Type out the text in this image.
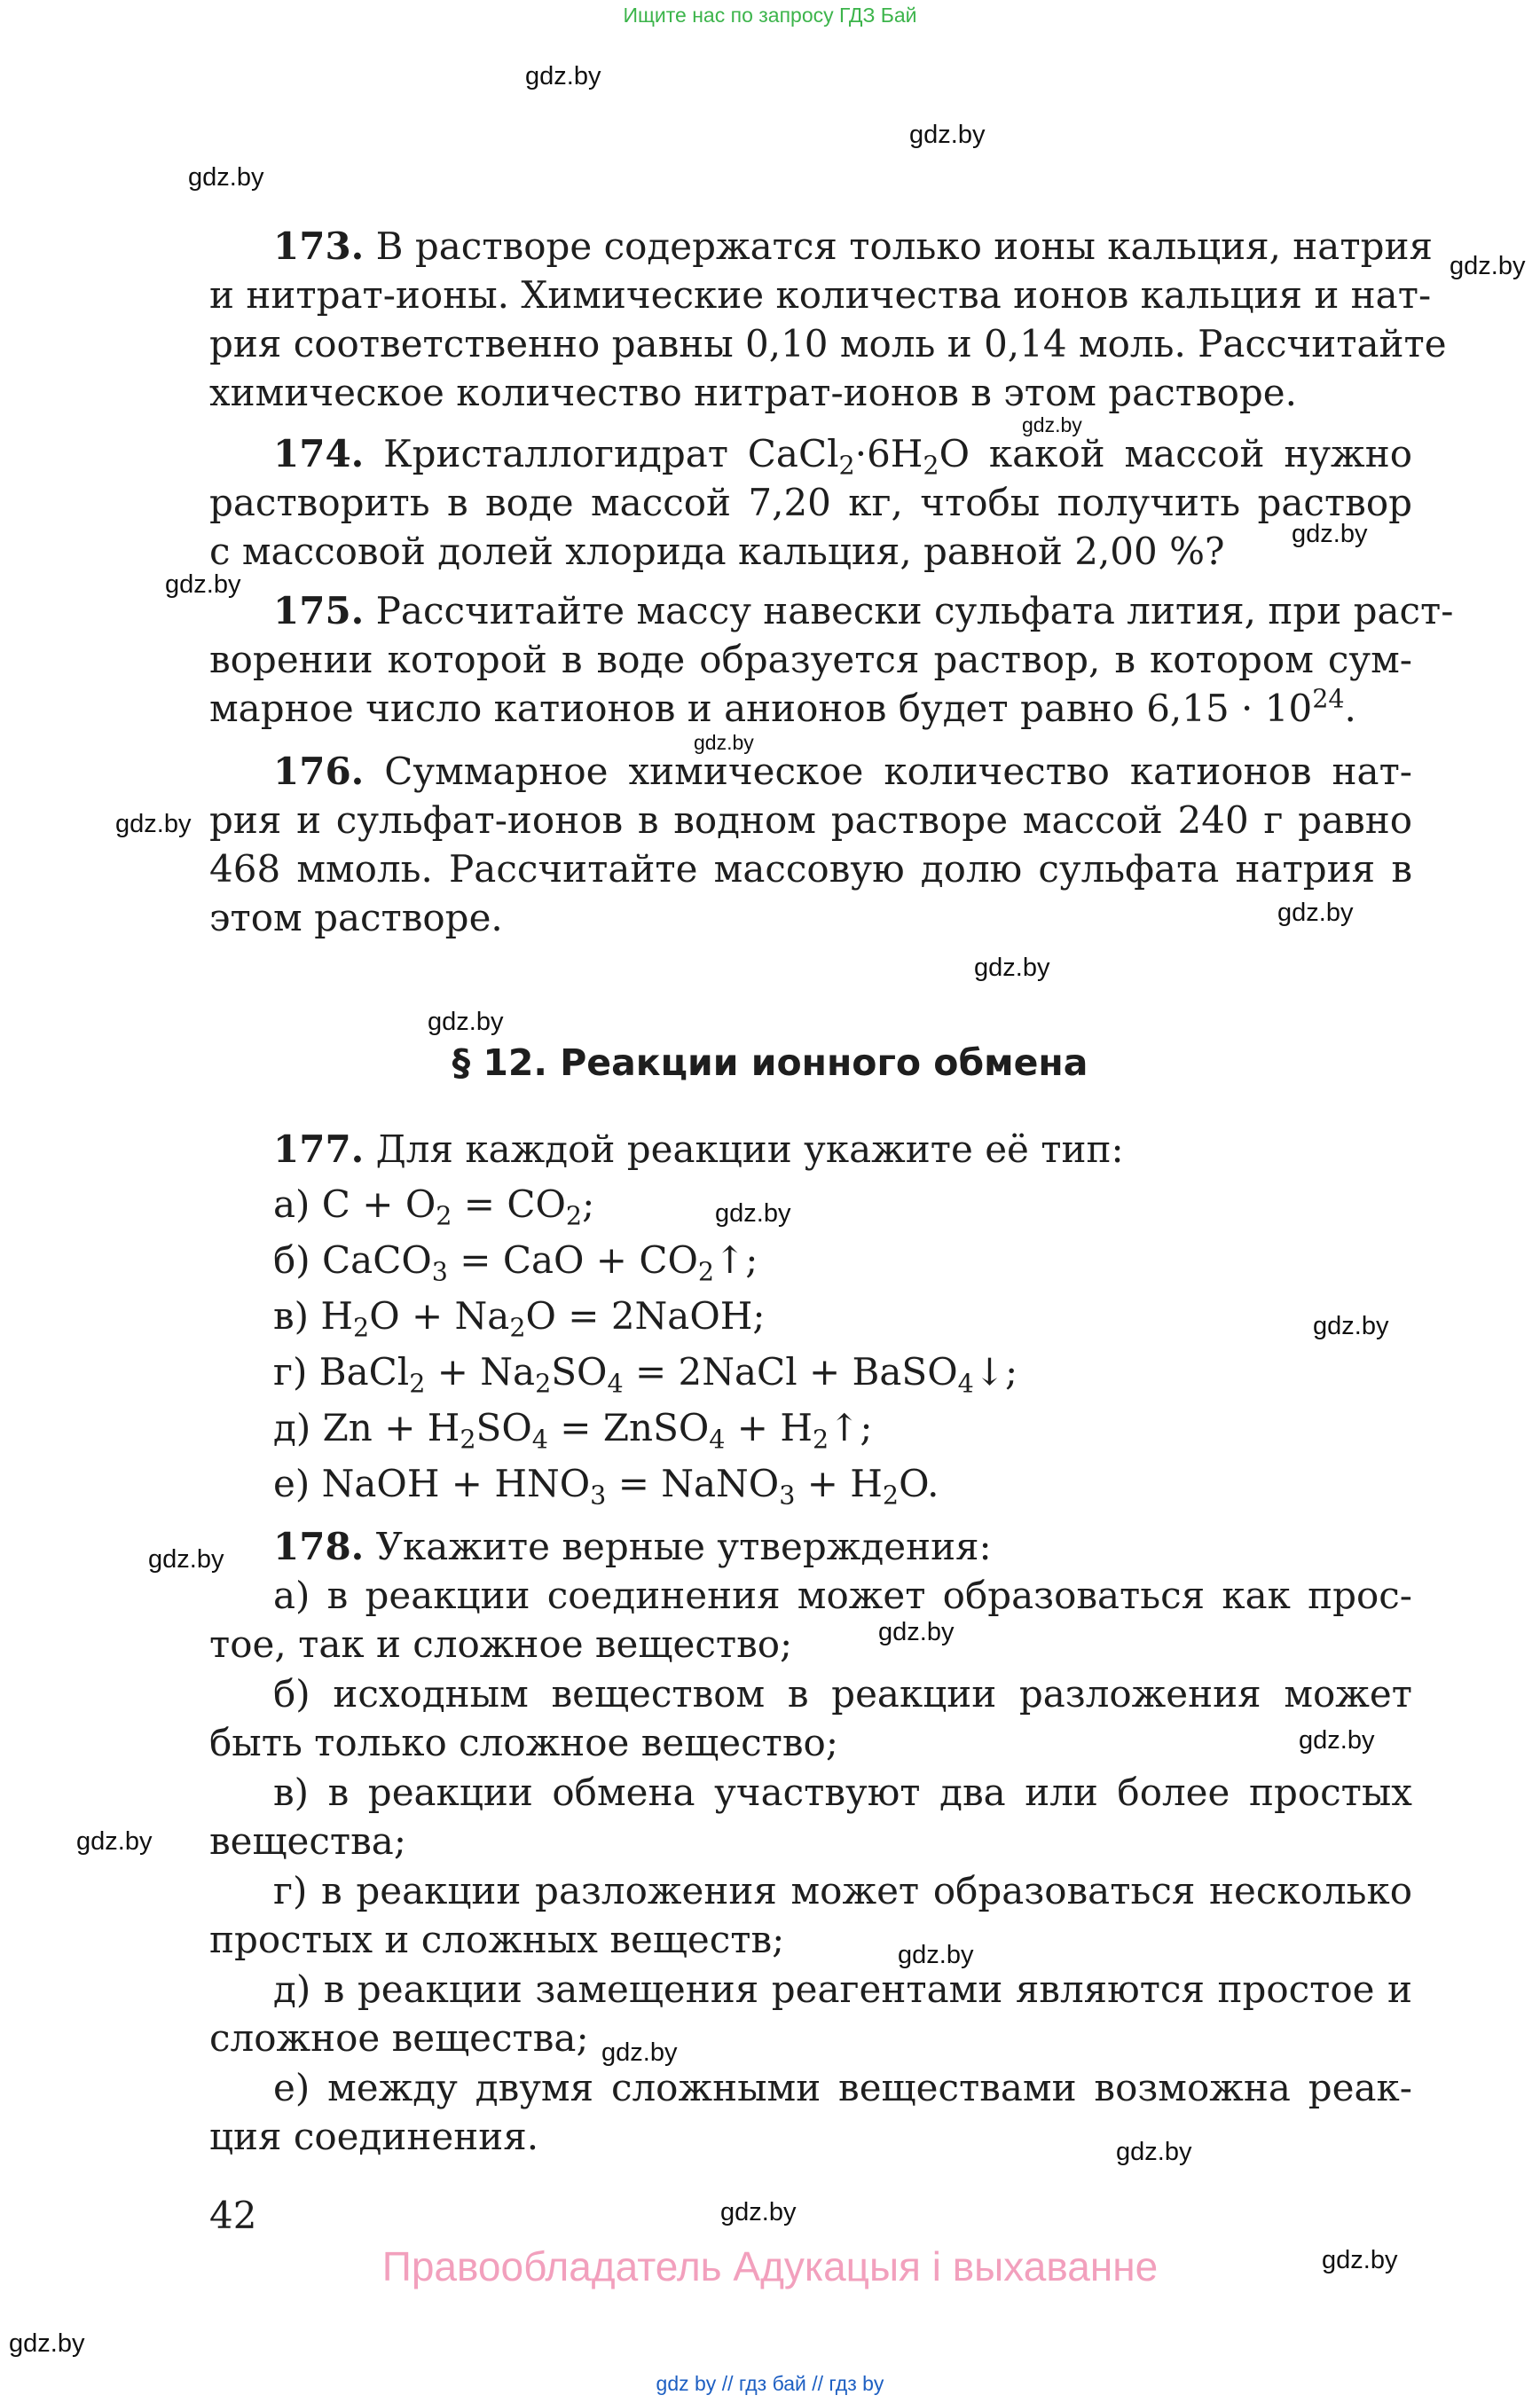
Ищите нас по запросу ГДЗ Бай
gdz.by
gdz.by
gdz.by
gdz.by
gdz.by
gdz.by
gdz.by
gdz.by
gdz.by
gdz.by
gdz.by
gdz.by
gdz.by
gdz.by
gdz.by
gdz.by
gdz.by
gdz.by
gdz.by
gdz.by
gdz.by
gdz.by
gdz.by
gdz.by
173. В растворе содержатся только ионы кальция, натрия
и нитрат-ионы. Химические количества ионов кальция и нат-
рия соответственно равны 0,10 моль и 0,14 моль. Рассчитайте
химическое количество нитрат-ионов в этом растворе.
174. Кристаллогидрат $CaCl_2\cdot 6H_2O$ какой массой нужно
растворить в воде массой 7,20 кг, чтобы получить раствор
с массовой долей хлорида кальция, равной 2,00 %?
175. Рассчитайте массу навески сульфата лития, при раст-
ворении которой в воде образуется раствор, в котором сум-
марное число катионов и анионов будет равно $6,15 \cdot 10^{24}$.
176. Суммарное химическое количество катионов нат-
рия и сульфат-ионов в водном растворе массой 240 г равно
468 ммоль. Рассчитайте массовую долю сульфата натрия в
этом растворе.
§ 12. Реакции ионного обмена
177. Для каждой реакции укажите её тип:
а) $C + O_2 = CO_2$;
б) CaCO$_3$ = CaO + $CO_2↑$;
в) $H_2O + Na_2O$ = 2NaOH;
г) BaCl$_2$ + $Na_2SO_4$ = 2NaCl + BaSO$_4$↓;
д) $Zn + H_2SO_4$ = ZnSO$_4$ + $H_2↑$;
е) NaOH + $HNO_3$ = NaNO$_3$ + $H_2O$.
178. Укажите верные утверждения:
а) в реакции соединения может образоваться как прос-
тое, так и сложное вещество;
б) исходным веществом в реакции разложения может
быть только сложное вещество;
в) в реакции обмена участвуют два или более простых
вещества;
г) в реакции разложения может образоваться несколько
простых и сложных веществ;
д) в реакции замещения реагентами являются простое и
сложное вещества;
е) между двумя сложными веществами возможна реак-
ция соединения.
42
Правообладатель Адукацыя і выхаванне
gdz by // гдз бай // гдз by
